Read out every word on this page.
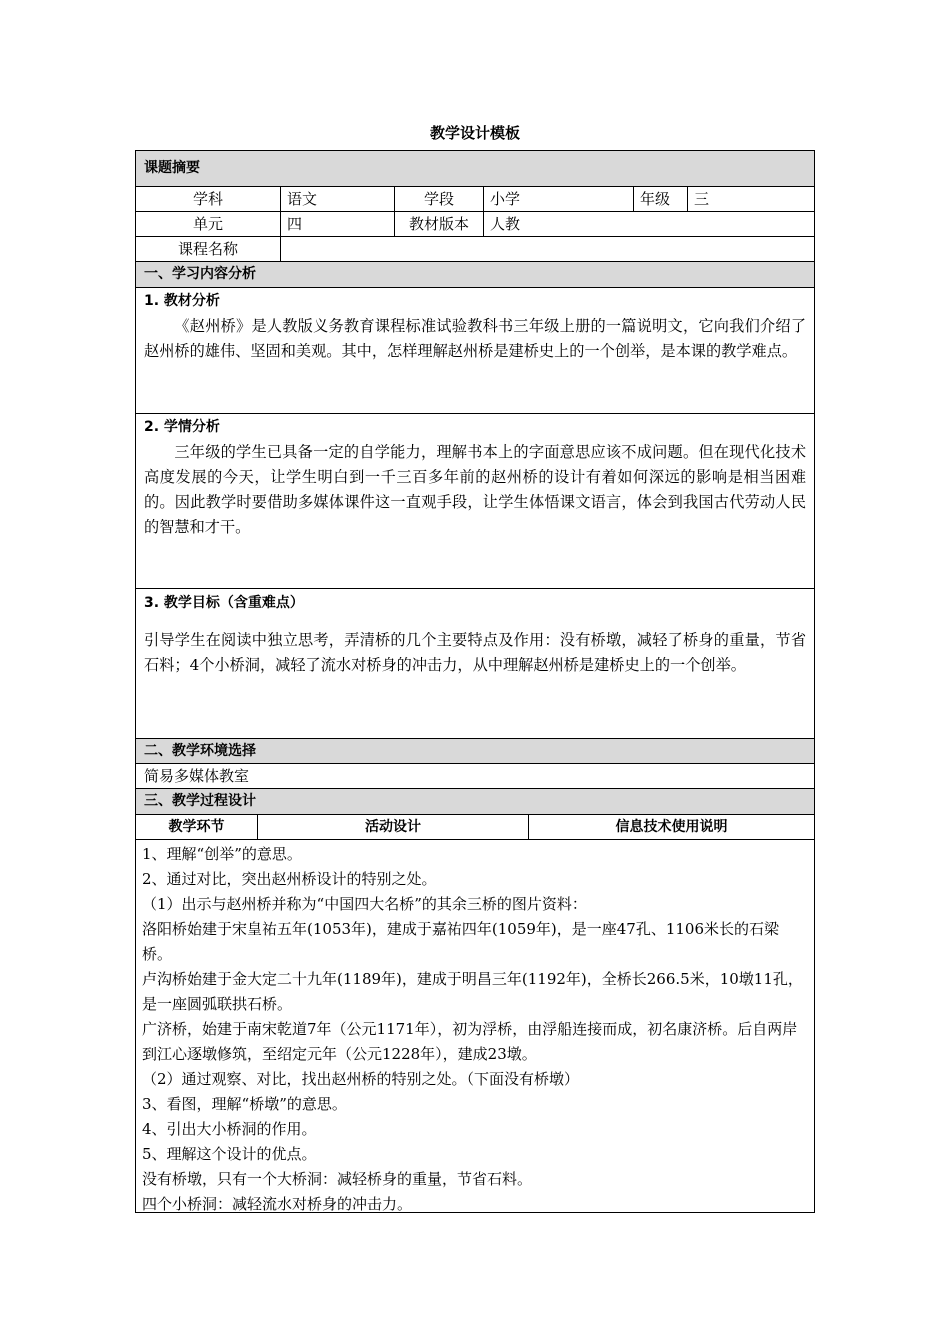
教学设计模板
课题摘要
学科	语文	学段	小学	年级	三
单元	四	教材版本	人教
课程名称
一、学习内容分析

1. 教材分析

《赵州桥》是人教版义务教育课程标准试验教科书三年级上册的一篇说明文，它向我们介绍了赵州桥的雄伟、坚固和美观。其中，怎样理解赵州桥是建桥史上的一个创举，是本课的教学难点。

2. 学情分析

三年级的学生已具备一定的自学能力，理解书本上的字面意思应该不成问题。但在现代化技术高度发展的今天，让学生明白到一千三百多年前的赵州桥的设计有着如何深远的影响是相当困难的。因此教学时要借助多媒体课件这一直观手段，让学生体悟课文语言，体会到我国古代劳动人民的智慧和才干。

3. 教学目标（含重难点）

引导学生在阅读中独立思考，弄清桥的几个主要特点及作用：没有桥墩，减轻了桥身的重量，节省石料；4个小桥洞，减轻了流水对桥身的冲击力，从中理解赵州桥是建桥史上的一个创举。

二、教学环境选择
简易多媒体教室
三、教学过程设计
教学环节	活动设计	信息技术使用说明

1、理解“创举”的意思。

2、通过对比，突出赵州桥设计的特别之处。

（1）出示与赵州桥并称为“中国四大名桥”的其余三桥的图片资料：

洛阳桥始建于宋皇祐五年(1053年)，建成于嘉祐四年(1059年)，是一座47孔、1106米长的石梁桥。

卢沟桥始建于金大定二十九年(1189年)，建成于明昌三年(1192年)，全桥长266.5米，10墩11孔，是一座圆弧联拱石桥。

广济桥，始建于南宋乾道7年（公元1171年），初为浮桥，由浮船连接而成，初名康济桥。后自两岸到江心逐墩修筑，至绍定元年（公元1228年），建成23墩。

（2）通过观察、对比，找出赵州桥的特别之处。（下面没有桥墩）

3、看图，理解“桥墩”的意思。

4、引出大小桥洞的作用。

5、理解这个设计的优点。

没有桥墩，只有一个大桥洞：减轻桥身的重量，节省石料。

四个小桥洞：减轻流水对桥身的冲击力。
